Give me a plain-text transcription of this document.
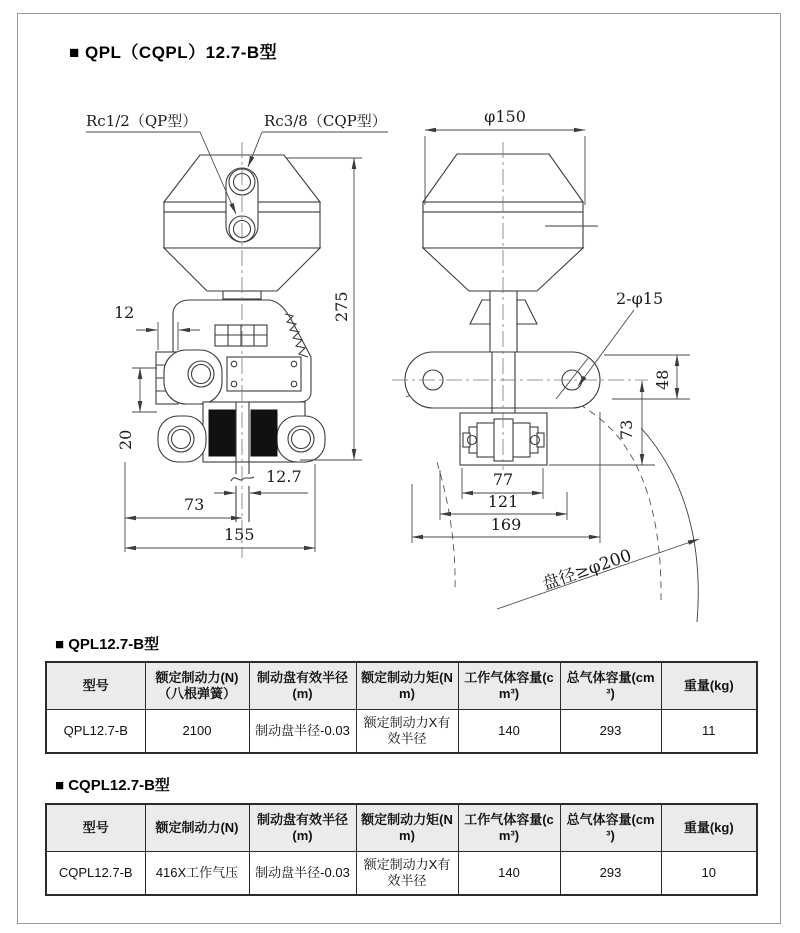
■ QPL（CQPL）12.7-B型
Rc1/2（QP型）	Rc3/8（CQP型）
275
12
20
12.7
73
155
φ150
2-φ15
48
73
77
121
169
盘径≥φ200
■ QPL12.7-B型
型号	额定制动力(N)（八根弹簧）	制动盘有效半径(m)	额定制动力矩(Nm)	工作气体容量(cm³)	总气体容量(cm³)	重量(kg)
QPL12.7-B	2100	制动盘半径-0.03	额定制动力X有效半径	140	293	11
■ CQPL12.7-B型
型号	额定制动力(N)	制动盘有效半径(m)	额定制动力矩(Nm)	工作气体容量(cm³)	总气体容量(cm³)	重量(kg)
CQPL12.7-B	416X工作气压	制动盘半径-0.03	额定制动力X有效半径	140	293	10
